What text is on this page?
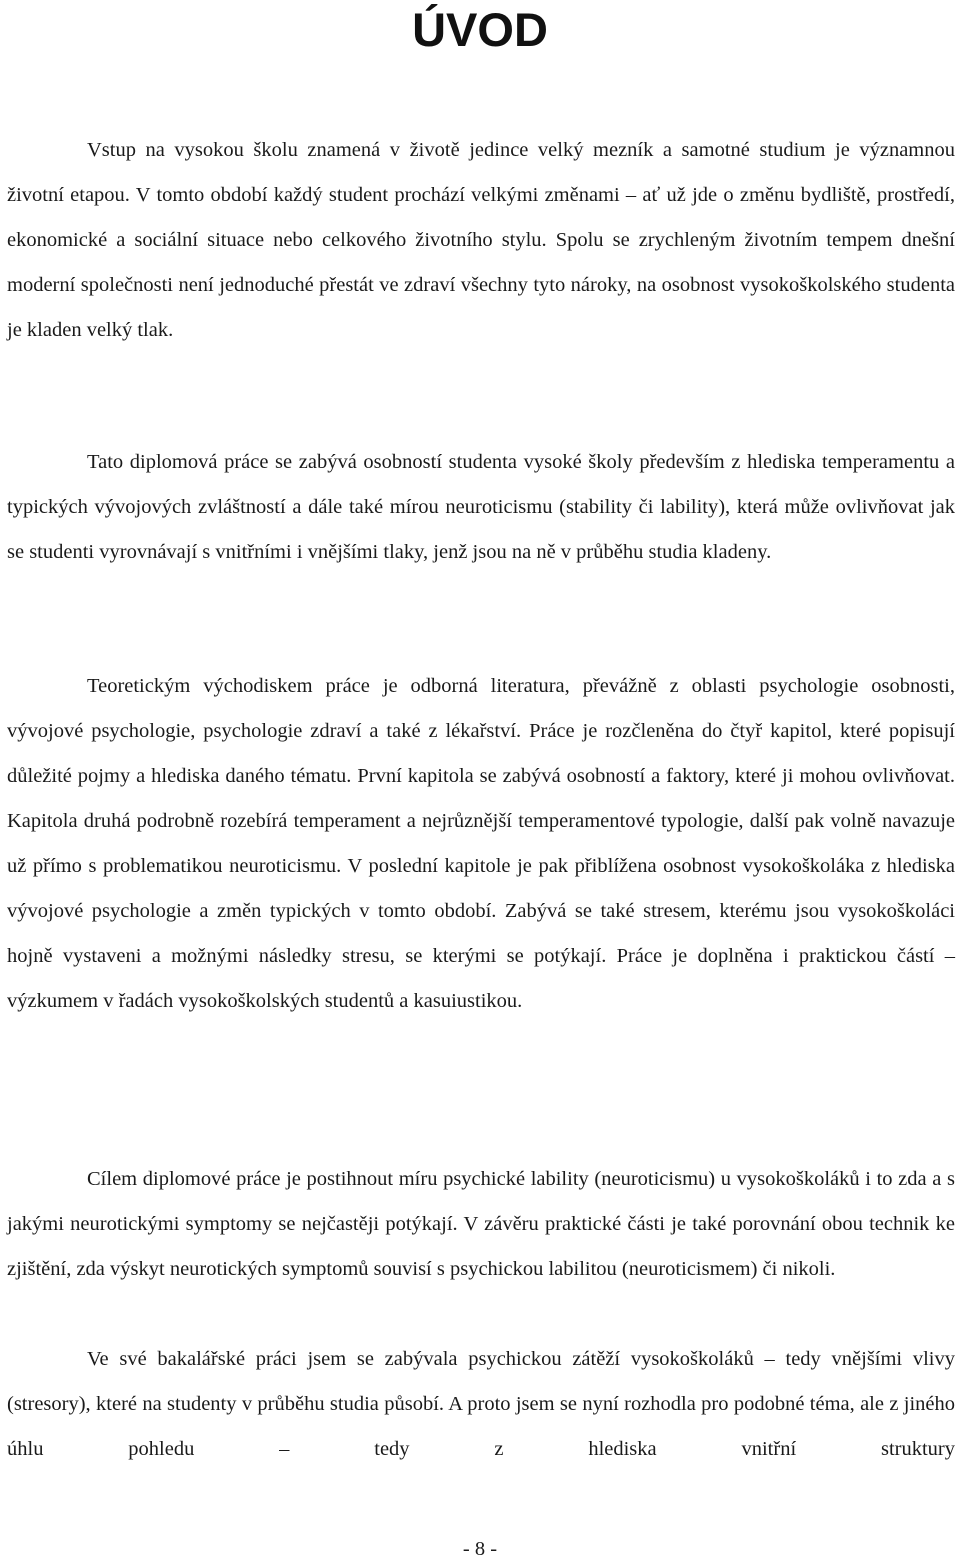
ÚVOD

Vstup na vysokou školu znamená v životě jedince velký mezník a samotné studium je významnou životní etapou. V tomto období každý student prochází velkými změnami – ať už jde o změnu bydliště, prostředí, ekonomické a sociální situace nebo celkového životního stylu. Spolu se zrychleným životním tempem dnešní moderní společnosti není jednoduché přestát ve zdraví všechny tyto nároky, na osobnost vysokoškolského studenta je kladen velký tlak.

Tato diplomová práce se zabývá osobností studenta vysoké školy především z hlediska temperamentu a typických vývojových zvláštností a dále také mírou neuroticismu (stability či lability), která může ovlivňovat jak se studenti vyrovnávají s vnitřními i vnějšími tlaky, jenž jsou na ně v průběhu studia kladeny.

Teoretickým východiskem práce je odborná literatura, převážně z oblasti psychologie osobnosti, vývojové psychologie, psychologie zdraví a také z lékařství. Práce je rozčleněna do čtyř kapitol, které popisují důležité pojmy a hlediska daného tématu. První kapitola se zabývá osobností a faktory, které ji mohou ovlivňovat. Kapitola druhá podrobně rozebírá temperament a nejrůznější temperamentové typologie, další pak volně navazuje už přímo s problematikou neuroticismu. V poslední kapitole je pak přiblížena osobnost vysokoškoláka z hlediska vývojové psychologie a změn typických v tomto období. Zabývá se také stresem, kterému jsou vysokoškoláci hojně vystaveni a možnými následky stresu, se kterými se potýkají. Práce je doplněna i praktickou částí – výzkumem v řadách vysokoškolských studentů a kasuiustikou.

Cílem diplomové práce je postihnout míru psychické lability (neuroticismu) u vysokoškoláků i to zda a s jakými neurotickými symptomy se nejčastěji potýkají. V závěru praktické části je také porovnání obou technik ke zjištění, zda výskyt neurotických symptomů souvisí s psychickou labilitou (neuroticismem) či nikoli.

Ve své bakalářské práci jsem se zabývala psychickou zátěží vysokoškoláků – tedy vnějšími vlivy (stresory), které na studenty v průběhu studia působí. A proto jsem se nyní rozhodla pro podobné téma, ale z jiného úhlu pohledu – tedy z hlediska vnitřní struktury

- 8 -
